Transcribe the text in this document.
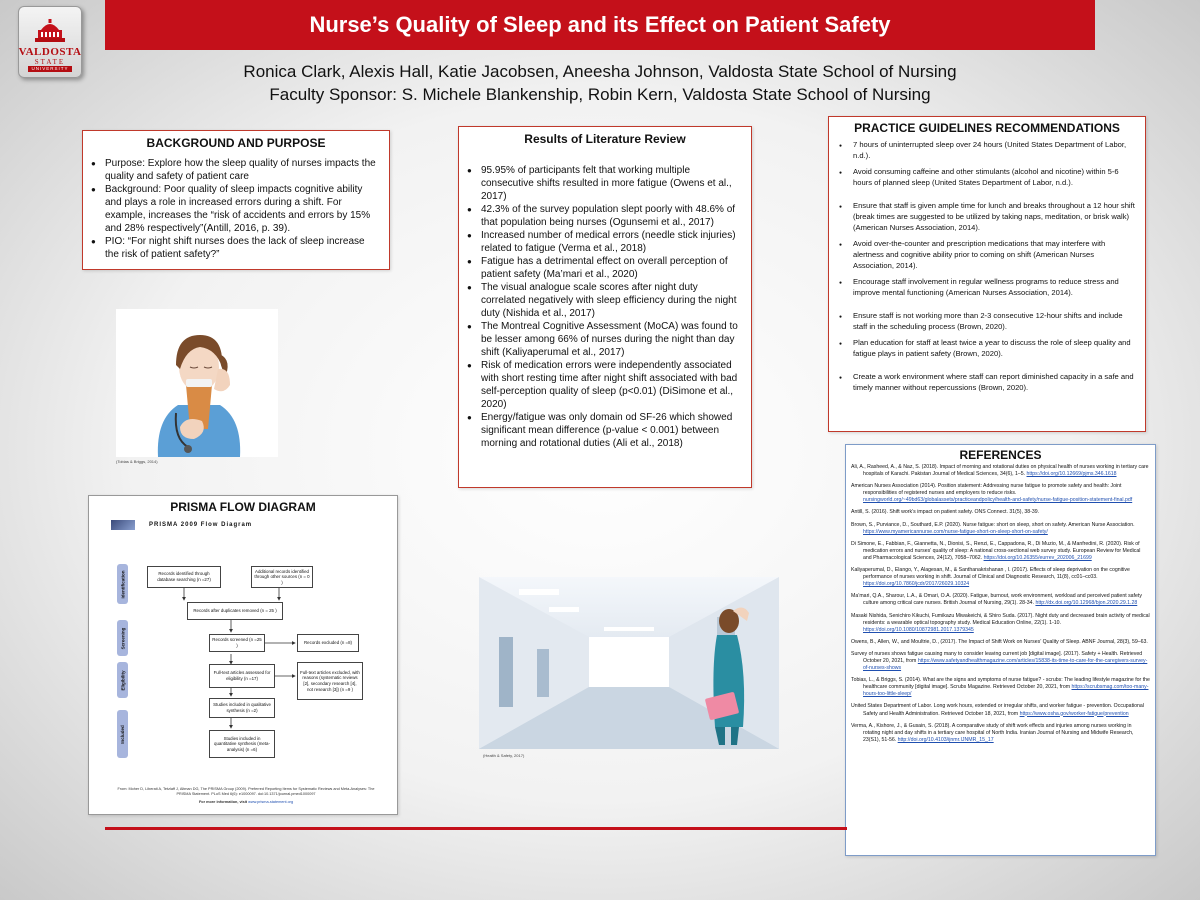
VALDOSTA
STATE
UNIVERSITY
Nurse’s Quality of Sleep and its Effect on Patient Safety
Ronica Clark, Alexis Hall, Katie Jacobsen, Aneesha Johnson, Valdosta State School of Nursing
Faculty Sponsor: S. Michele Blankenship, Robin Kern, Valdosta State School of Nursing
BACKGROUND AND PURPOSE
● Purpose: Explore how the sleep quality of nurses impacts the quality and safety of patient care
● Background: Poor quality of sleep impacts cognitive ability and plays a role in increased errors during a shift. For example, increases the “risk of accidents and errors by 15% and 28% respectively”(Antill, 2016, p. 39).
● PIO: “For night shift nurses does the lack of sleep increase the risk of patient safety?”
(Tobias & Briggs, 2014)
Results of Literature Review
● 95.95% of participants felt that working multiple consecutive shifts resulted in more fatigue (Owens et al., 2017)
● 42.3% of the survey population slept poorly with 48.6% of that population being nurses (Ogunsemi et al., 2017)
● Increased number of medical errors (needle stick injuries) related to fatigue (Verma et al., 2018)
● Fatigue has a detrimental effect on overall perception of patient safety (Ma’mari et al., 2020)
● The visual analogue scale scores after night duty correlated negatively with sleep efficiency during the night duty (Nishida et al., 2017)
● The Montreal Cognitive Assessment (MoCA) was found to be lesser among 66% of nurses during the night than day shift (Kaliyaperumal et al., 2017)
● Risk of medication errors were independently associated with short resting time after night shift associated with bad self-perception quality of sleep (p<0.01) (DiSimone et al., 2020)
● Energy/fatigue was only domain od SF-26 which showed significant mean difference (p-value < 0.001) between morning and rotational duties (Ali et al., 2018)
PRACTICE GUIDELINES RECOMMENDATIONS
● 7 hours of uninterrupted sleep over 24 hours (United States Department of Labor, n.d.).
● Avoid consuming caffeine and other stimulants (alcohol and nicotine) within 5-6 hours of planned sleep (United States Department of Labor, n.d.).
● Ensure that staff is given ample time for lunch and breaks throughout a 12 hour shift (break times are suggested to be utilized by taking naps, meditation, or brisk walk) (American Nurses Association, 2014).
● Avoid over-the-counter and prescription medications that may interfere with alertness and cognitive ability prior to coming on shift (American Nurses Association, 2014).
● Encourage staff involvement in regular wellness programs to reduce stress and improve mental functioning (American Nurses Association, 2014).
● Ensure staff is not working more than 2-3 consecutive 12-hour shifts and include staff in the scheduling process (Brown, 2020).
● Plan education for staff at least twice a year to discuss the role of sleep quality and fatigue plays in patient safety (Brown, 2020).
● Create a work environment where staff can report diminished capacity in a safe and timely manner without repercussions (Brown, 2020).
REFERENCES
Ali, A., Rasheed, A., & Naz, S. (2018). Impact of morning and rotational duties on physical health of nurses working in tertiary care hospitals of Karachi. Pakistan Journal of Medical Sciences, 34(6), 1–5. https://doi.org/10.12669/pjms.346.1618
American Nurses Association (2014). Position statement: Addressing nurse fatigue to promote safety and health: Joint responsibilities of registered nurses and employers to reduce risks. nursingworld.org/~49bd63/globalassets/practiceandpolicy/health-and-safety/nurse-fatigue-position-statement-final.pdf
Antill, S. (2016). Shift work’s impact on patient safety. ONS Connect. 31(5), 38-39.
Brown, S., Purviance, D., Southard, E.P. (2020). Nurse fatigue: short on sleep, short on safety. American Nurse Association. https://www.myamericannurse.com/nurse-fatigue-short-on-sleep-short-on-safety/
Di Simone, E., Fabbian, F., Giannetta, N., Dionisi, S., Renzi, E., Cappadona, R., Di Muzio, M., & Manfredini, R. (2020). Risk of medication errors and nurses’ quality of sleep: A national cross-sectional web survey study. European Review for Medical and Pharmacological Sciences, 24(12), 7058–7062. https://doi.org/10.26355/eurrev_202006_21699
Kaliyaperumal, D., Elango, Y., Alagesan, M., & Santhanakrishanan , I. (2017). Effects of sleep deprivation on the cognitive performance of nurses working in shift. Journal of Clinical and Diagnostic Research, 11(8), cc01–cc03. https://doi.org/10.7860/jcdr/2017/26029.10324
Ma’mari, Q.A., Sharour, L.A., & Omari, O.A. (2020). Fatigue, burnout, work environment, workload and perceived patient safety culture among critical care nurses. British Journal of Nursing, 29(1). 28-34. http://dx.doi.org/10.12968/bjon.2020.29.1.28
Masaki Nishida, Senichiro Kikuchi, Fumikazu Miwakeichi, & Shiro Suda. (2017). Night duty and decreased brain activity of medical residents: a wearable optical topography study. Medical Education Online, 22(1). 1-10. https://doi.org/10.1080/10872981.2017.1379345
Owens, B., Allen, W., and Moultrie, D., (2017). The Impact of Shift Work on Nurses’ Quality of Sleep. ABNF Journal, 28(3), 59–63.
Survey of nurses shows fatigue causing many to consider leaving current job [digital image]. (2017). Safety + Health. Retrieved October 20, 2021, from https://www.safetyandhealthmagazine.com/articles/15838-its-time-to-care-for-the-caregivers-survey-of-nurses-shows
Tobias, L., & Briggs, S. (2014). What are the signs and symptoms of nurse fatigue? - scrubs: The leading lifestyle magazine for the healthcare community [digital image]. Scrubs Magazine. Retrieved October 20, 2021, from https://scrubsmag.com/too-many-hours-too-little-sleep/
United States Department of Labor. Long work hours, extended or irregular shifts, and worker fatigue - prevention. Occupational Safety and Health Administration. Retrieved October 18, 2021, from https://www.osha.gov/worker-fatigue/prevention
Verma, A., Kishore, J., & Gusain, S. (2018). A comparative study of shift work effects and injuries among nurses working in rotating night and day shifts in a tertiary care hospital of North India. Iranian Journal of Nursing and Midwife Research, 23(S1), 51-56. http://doi.org/10.4103/ijnmr.IJNMR_15_17
PRISMA FLOW DIAGRAM
PRISMA 2009 Flow Diagram
Identification
Screening
Eligibility
Included
Records identified through database searching (n =27)
Additional records identified through other sources (n = 0 )
Records after duplicates removed (n = 25 )
Records screened (n =25 )
Records excluded (n =8)
Full-text articles assessed for eligibility (n =17)
Full-text articles excluded, with reasons (systematic reviews [2], secondary research [4], not research [3]) (n =9 )
Studies included in qualitative synthesis (n =2)
Studies included in quantitative synthesis (meta-analysis) (n =6)
From: Moher D, Liberati A, Tetzlaff J, Altman DG, The PRISMA Group (2009). Preferred Reporting Items for Systematic Reviews and Meta-Analyses: The PRISMA Statement. PLoS Med 6(6): e1000097. doi:10.1371/journal.pmed1000097
For more information, visit www.prisma-statement.org
(Health & Safety, 2017)
